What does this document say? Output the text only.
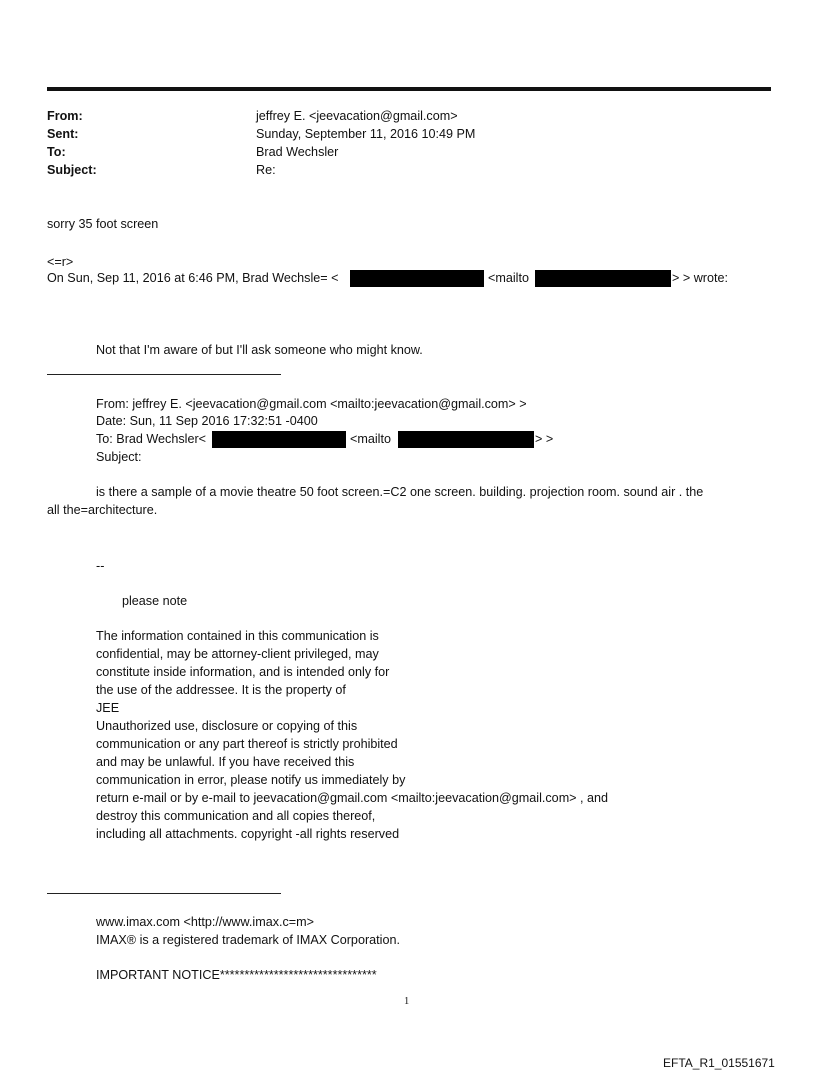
From:	jeffrey E. <jeevacation@gmail.com>
Sent:	Sunday, September 11, 2016 10:49 PM
To:	Brad Wechsler
Subject:	Re:
sorry 35 foot screen
<=r>
On Sun, Sep 11, 2016 at 6:46 PM, Brad Wechsle= <	<mailto	> > wrote:
Not that I'm aware of but I'll ask someone who might know.
From: jeffrey E. <jeevacation@gmail.com <mailto:jeevacation@gmail.com> >
Date: Sun, 11 Sep 2016 17:32:51 -0400
To: Brad Wechsler<	<mailto	> >
Subject:
is there a sample of a movie theatre 50 foot screen.=C2 one screen. building. projection room. sound air . the
all the=architecture.
--
please note
The information contained in this communication is
confidential, may be attorney-client privileged, may
constitute inside information, and is intended only for
the use of the addressee. It is the property of
JEE
Unauthorized use, disclosure or copying of this
communication or any part thereof is strictly prohibited
and may be unlawful. If you have received this
communication in error, please notify us immediately by
return e-mail or by e-mail to jeevacation@gmail.com <mailto:jeevacation@gmail.com> , and
destroy this communication and all copies thereof,
including all attachments. copyright -all rights reserved
www.imax.com <http://www.imax.c=m>
IMAX® is a registered trademark of IMAX Corporation.
IMPORTANT NOTICE********************************
1
EFTA_R1_01551671
